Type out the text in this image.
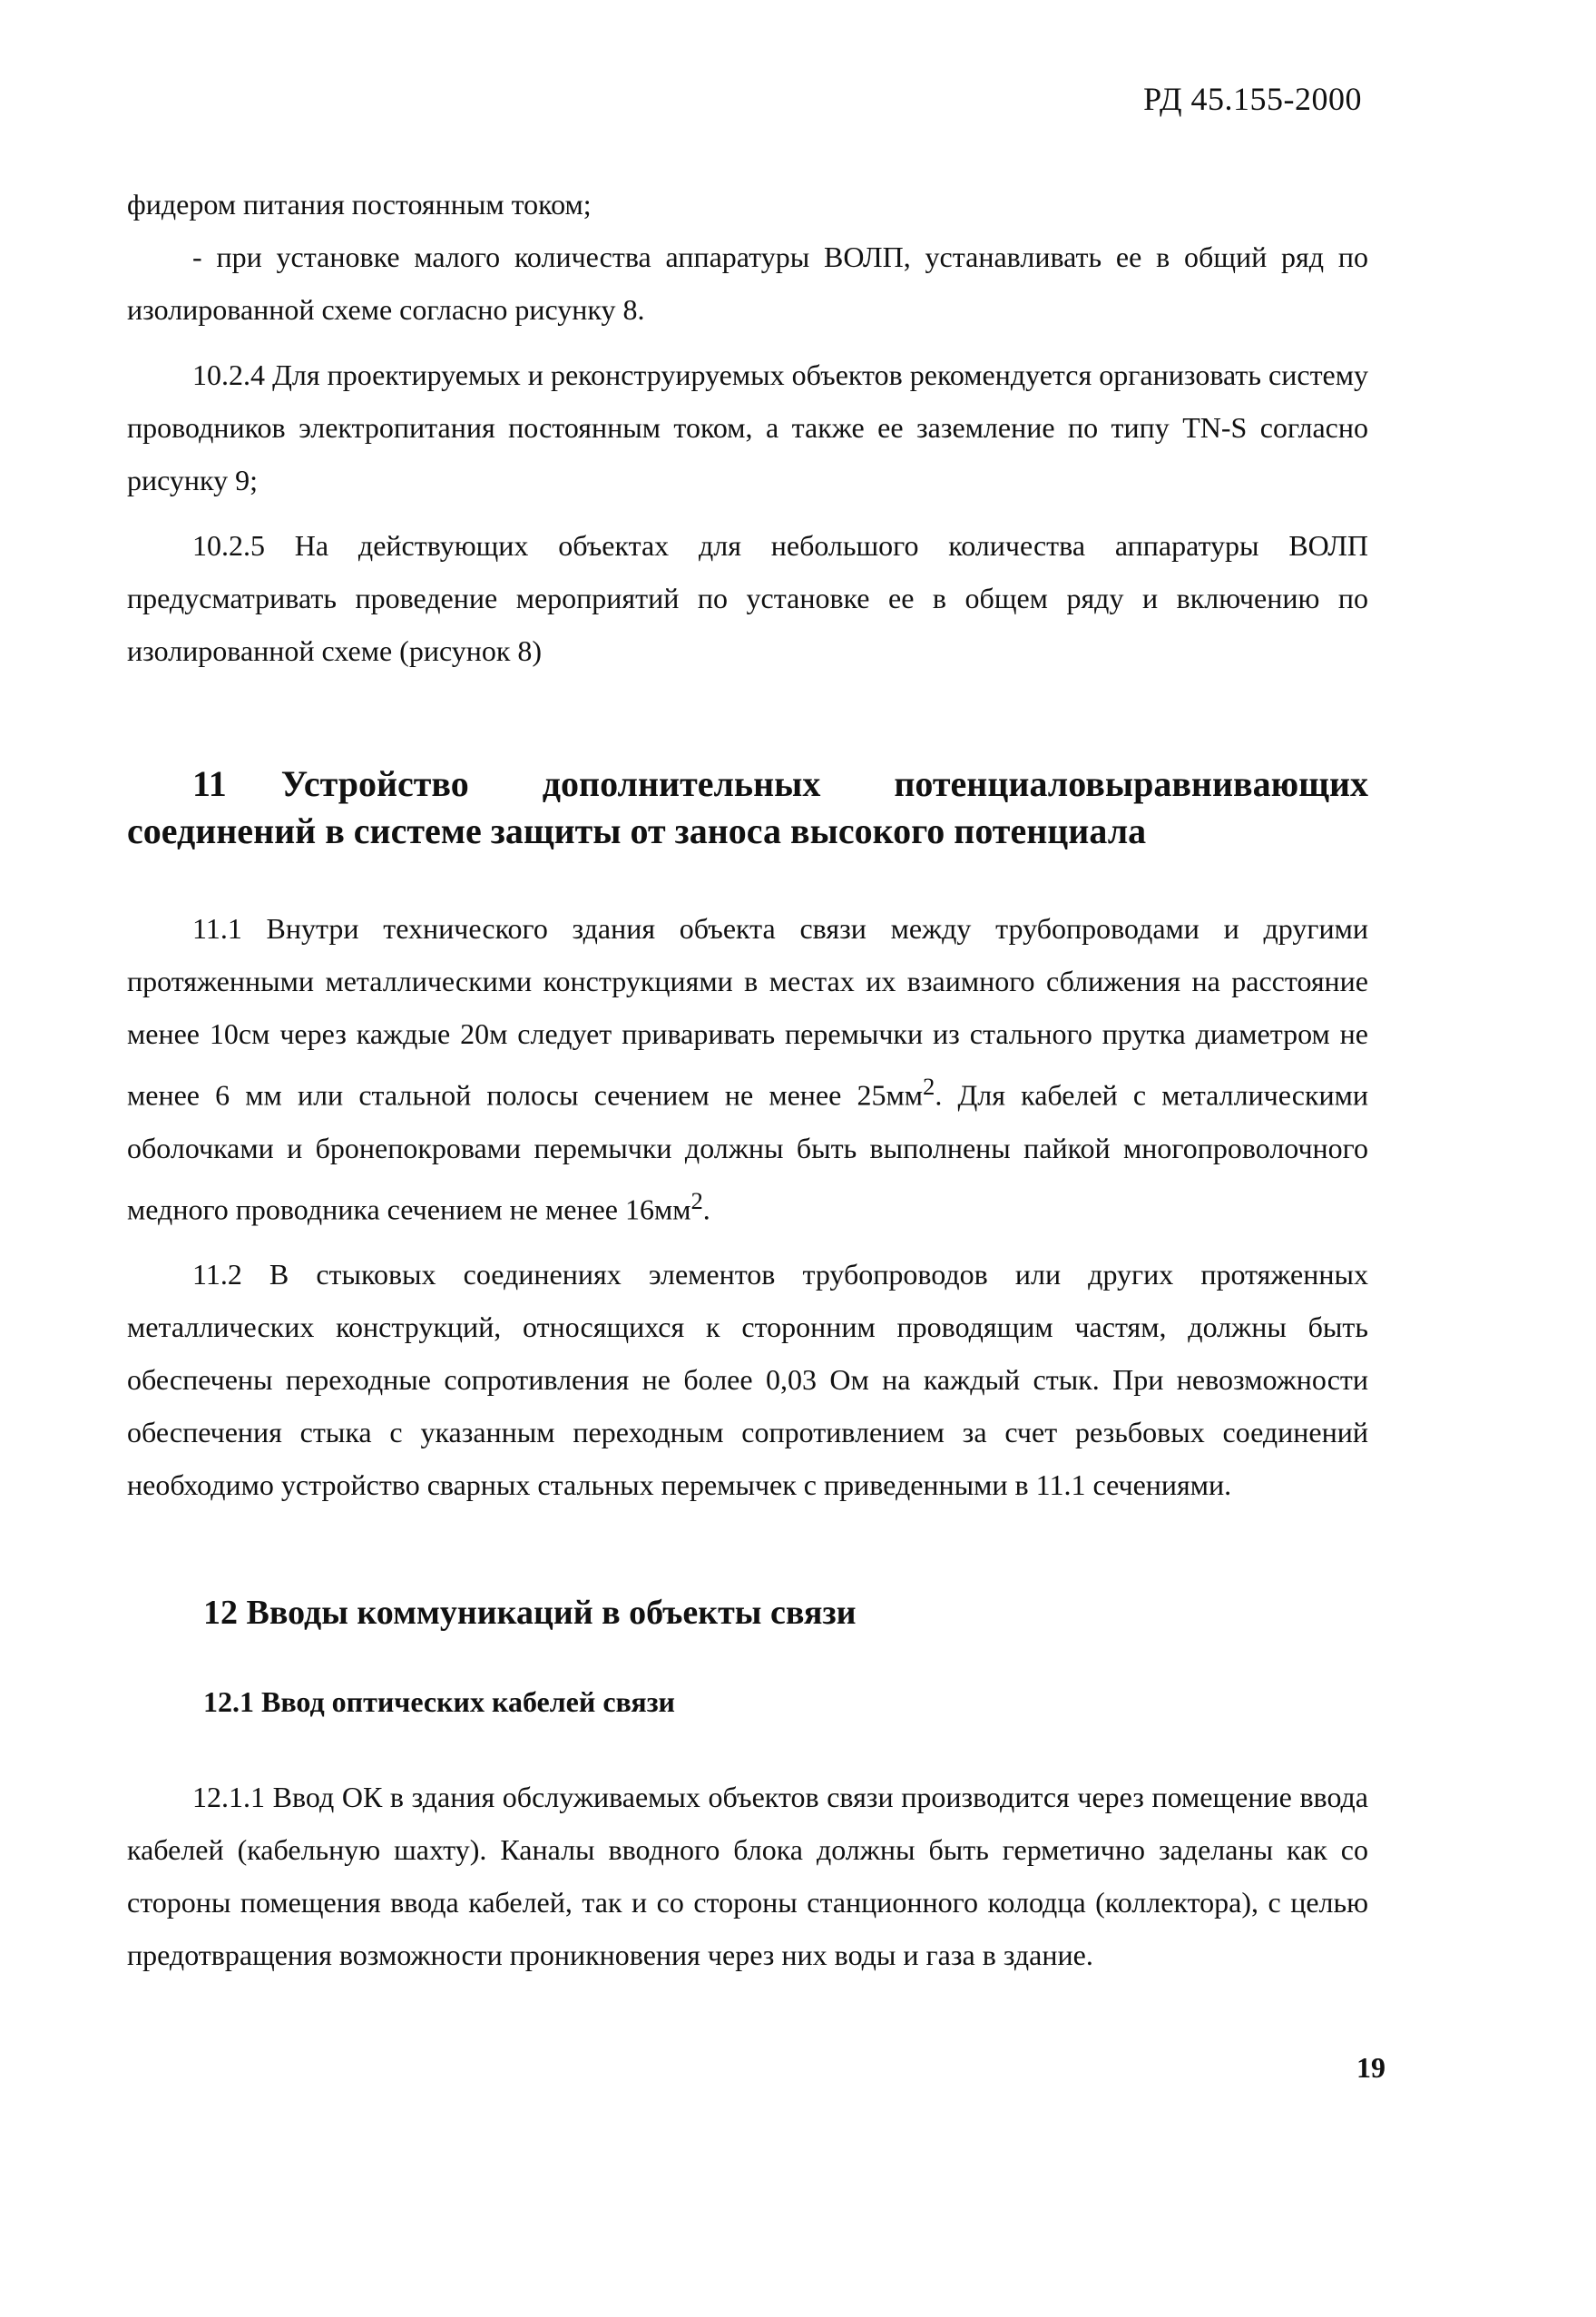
РД 45.155-2000

фидером питания постоянным током;

- при установке малого количества аппаратуры ВОЛП, устанавливать ее в общий ряд по изолированной схеме согласно рисунку 8.

10.2.4 Для проектируемых и реконструируемых объектов рекомендуется организовать систему проводников электропитания постоянным током, а также ее заземление по типу TN-S согласно рисунку 9;

10.2.5 На действующих объектах для небольшого количества аппаратуры ВОЛП предусматривать проведение мероприятий по установке ее в общем ряду и включению по изолированной схеме (рисунок 8)

11 Устройство дополнительных потенциаловыравнивающих соединений в системе защиты от заноса высокого потенциала

11.1 Внутри технического здания объекта связи между трубопроводами и другими протяженными металлическими конструкциями в местах их взаимного сближения на расстояние менее 10см через каждые 20м следует приваривать перемычки из стального прутка диаметром не менее 6 мм или стальной полосы сечением не менее $25мм^2$. Для кабелей с металлическими оболочками и бронепокровами перемычки должны быть выполнены пайкой многопроволочного медного проводника сечением не менее $16мм^2$.

11.2 В стыковых соединениях элементов трубопроводов или других протяженных металлических конструкций, относящихся к сторонним проводящим частям, должны быть обеспечены переходные сопротивления не более 0,03 Ом на каждый стык. При невозможности обеспечения стыка с указанным переходным сопротивлением за счет резьбовых соединений необходимо устройство сварных стальных перемычек с приведенными в 11.1 сечениями.

12 Вводы коммуникаций в объекты связи
12.1 Ввод оптических кабелей связи

12.1.1 Ввод ОК в здания обслуживаемых объектов связи производится через помещение ввода кабелей (кабельную шахту). Каналы вводного блока должны быть герметично заделаны как со стороны помещения ввода кабелей, так и со стороны станционного колодца (коллектора), с целью предотвращения возможности проникновения через них воды и газа в здание.

19
